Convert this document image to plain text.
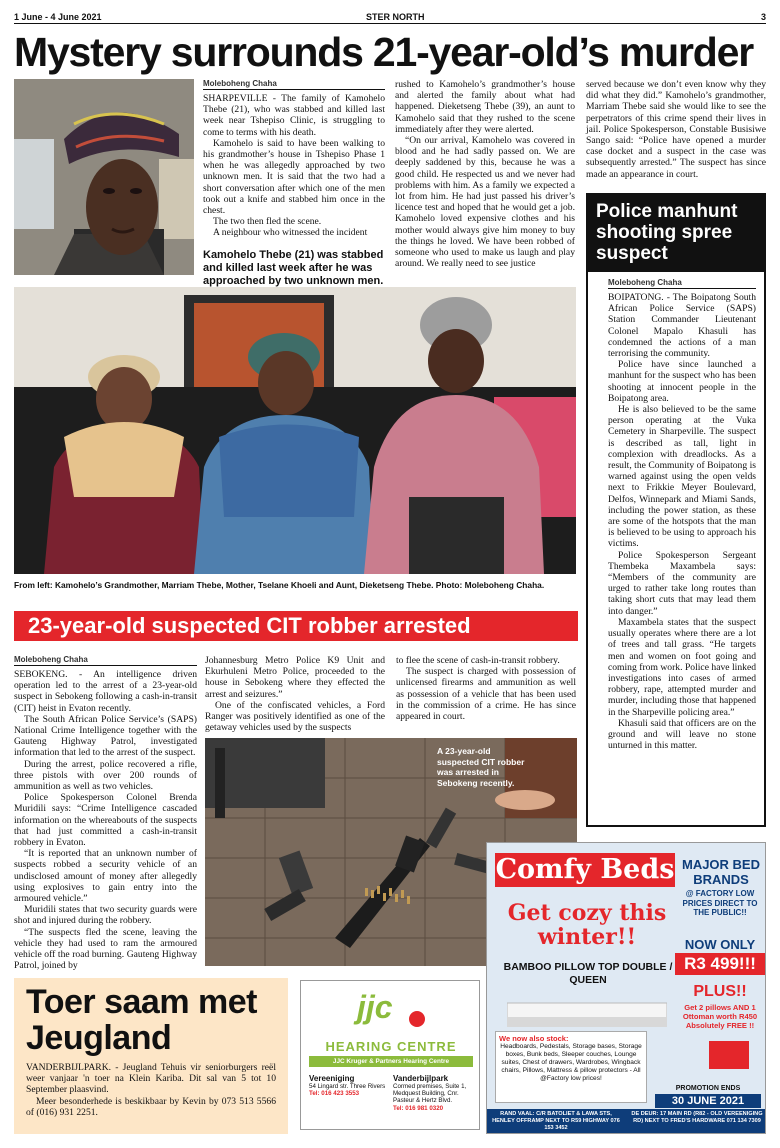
1 June - 4 June 2021	STER NORTH	3
Mystery surrounds 21-year-old’s murder
Moleboheng Chaha

SHARPEVILLE - The family of Kamohelo Thebe (21), who was stabbed and killed last week near Tshepiso Clinic, is struggling to come to terms with his death.

Kamohelo is said to have been walking to his grandmother’s house in Tshepiso Phase 1 when he was allegedly approached by two unknown men. It is said that the two had a short conversation after which one of the men took out a knife and stabbed him once in the chest.

The two then fled the scene.

A neighbour who witnessed the incident

Kamohelo Thebe (21) was stabbed and killed last week after he was approached by two unknown men.

rushed to Kamohelo’s grandmother’s house and alerted the family about what had happened. Dieketseng Thebe (39), an aunt to Kamohelo said that they rushed to the scene immediately after they were alerted.

“On our arrival, Kamohelo was covered in blood and he had sadly passed on. We are deeply saddened by this, because he was a good child. He respected us and we never had problems with him. As a family we expected a lot from him. He had just passed his driver’s licence test and hoped that he would get a job. Kamohelo loved expensive clothes and his mother would always give him money to buy the things he loved. We have been robbed of someone who used to make us laugh and play around. We really need to see justice

served because we don’t even know why they did what they did.” Kamohelo’s grandmother, Marriam Thebe said she would like to see the perpetrators of this crime spend their lives in jail. Police Spokesperson, Constable Busisiwe Sango said: “Police have opened a murder case docket and a suspect in the case was subsequently arrested.” The suspect has since made an appearance in court.

From left: Kamohelo’s Grandmother, Marriam Thebe, Mother, Tselane Khoeli and Aunt, Dieketseng Thebe. Photo: Moleboheng Chaha.
Police manhunt shooting spree suspect
Moleboheng Chaha

BOIPATONG. - The Boipatong South African Police Service (SAPS) Station Commander Lieutenant Colonel Mapalo Khasuli has condemned the actions of a man terrorising the community.

Police have since launched a manhunt for the suspect who has been shooting at innocent people in the Boipatong area.

He is also believed to be the same person operating at the Vuka Cemetery in Sharpeville. The suspect is described as tall, light in complexion with dreadlocks. As a result, the Community of Boipatong is warned against using the open velds next to Frikkie Meyer Boulevard, Delfos, Winnepark and Miami Sands, including the power station, as these are some of the hotspots that the man is believed to be using to approach his victims.

Police Spokesperson Sergeant Thembeka Maxambela says: “Members of the community are urged to rather take long routes than taking short cuts that may lead them into danger.”

Maxambela states that the suspect usually operates where there are a lot of trees and tall grass. “He targets men and women on foot going and coming from work. Police have linked investigations into cases of armed robbery, rape, attempted murder and murder, including those that happened in the Sharpeville policing area.”

Khasuli said that officers are on the ground and will leave no stone unturned in this matter.

23-year-old suspected CIT robber arrested
Moleboheng Chaha

SEBOKENG. - An intelligence driven operation led to the arrest of a 23-year-old suspect in Sebokeng following a cash-in-transit (CIT) heist in Evaton recently.

The South African Police Service’s (SAPS) National Crime Intelligence together with the Gauteng Highway Patrol, investigated information that led to the arrest of the suspect.

During the arrest, police recovered a rifle, three pistols with over 200 rounds of ammunition as well as two vehicles.

Police Spokesperson Colonel Brenda Muridili says: “Crime Intelligence cascaded information on the whereabouts of the suspects that had just committed a cash-in-transit robbery in Evaton.

“It is reported that an unknown number of suspects robbed a security vehicle of an undisclosed amount of money after allegedly using explosives to gain entry into the armoured vehicle.”

Muridili states that two security guards were shot and injured during the robbery.

“The suspects fled the scene, leaving the vehicle they had used to ram the armoured vehicle off the road burning. Gauteng Highway Patrol, joined by

Johannesburg Metro Police K9 Unit and Ekurhuleni Metro Police, proceeded to the house in Sebokeng where they effected the arrest and seizures.”

One of the confiscated vehicles, a Ford Ranger was positively identified as one of the getaway vehicles used by the suspects

to flee the scene of cash-in-transit robbery.

The suspect is charged with possession of unlicensed firearms and ammunition as well as possession of a vehicle that has been used in the commission of a crime. He has since appeared in court.

A 23-year-old suspected CIT robber was arrested in Sebokeng recently.
Toer saam met Jeugland

VANDERBIJLPARK. - Jeugland Tehuis vir seniorburgers reël weer vanjaar 'n toer na Klein Kariba. Dit sal van 5 tot 10 September plaasvind.

Meer besonderhede is beskikbaar by Kevin by 073 513 5566 of (016) 931 2251.

jjc
HEARING CENTRE
JJC Kruger & Partners Hearing Centre
Vereeniging
54 Lingard str. Three Rivers
Tel: 016 423 3553
Vanderbijlpark
Cormed premises, Suite 1, Medquest Building, Cnr. Pasteur & Hertz Blvd.
Tel: 016 981 0320
Comfy Beds
Get cozy this winter!!
BAMBOO PILLOW TOP DOUBLE / QUEEN
MAJOR BED BRANDS
@ FACTORY LOW PRICES DIRECT TO THE PUBLIC!!
NOW ONLY
R3 499!!!
PLUS!!
Get 2 pillows AND 1 Ottoman worth R450 Absolutely FREE !!
We now also stock:
Headboards, Pedestals, Storage bases, Storage boxes, Bunk beds, Sleeper couches, Lounge suites, Chest of drawers, Wardrobes, Wingback chairs, Pillows, Mattress & pillow protectors - All @Factory low prices!
PROMOTION ENDS
30 JUNE 2021
RAND VAAL: C/R BATOLIET & LAWA STS, HENLEY OFFRAMP NEXT TO R59 HIGHWAY 076 153 3452
DE DEUR: 17 MAIN RD (R82 - OLD VEREENIGING RD) NEXT TO FRED'S HARDWARE 071 134 7309
